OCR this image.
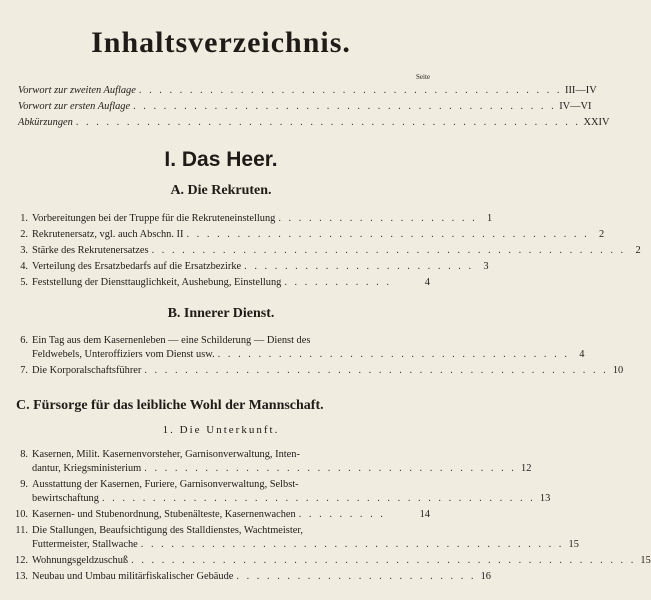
Inhaltsverzeichnis.
Seite
Vorwort zur zweiten Auflage . . . . . . . . . . . . . . . . . . . . . . . . . . . . . . . . . . . . . . . . . . III—IV
Vorwort zur ersten Auflage . . . . . . . . . . . . . . . . . . . . . . . . . . . . . . . . . . . . . . . . . . IV—VI
Abkürzungen . . . . . . . . . . . . . . . . . . . . . . . . . . . . . . . . . . . . . . . . . . . . . . . . . . XXIV
I. Das Heer.
A. Die Rekruten.
1. Vorbereitungen bei der Truppe für die Rekruteneinstellung . . . . . . . . . . . . . . . . . . . . 1
2. Rekrutenersatz, vgl. auch Abschn. II . . . . . . . . . . . . . . . . . . . . . . . . . . . . . . . . . . . . . . . . 2
3. Stärke des Rekrutenersatzes . . . . . . . . . . . . . . . . . . . . . . . . . . . . . . . . . . . . . . . . . . . . . . . 2
4. Verteilung des Ersatzbedarfs auf die Ersatzbezirke . . . . . . . . . . . . . . . . . . . . . . . 3
5. Feststellung der Diensttauglichkeit, Aushebung, Einstellung . . . . . . . . . . .	4
B. Innerer Dienst.
6. Ein Tag aus dem Kasernenleben — eine Schilderung — Dienst des
Feldwebels, Unteroffiziers vom Dienst usw. . . . . . . . . . . . . . . . . . . . . . . . . . . . . . . . . . . . 4
7. Die Korporalschaftsführer . . . . . . . . . . . . . . . . . . . . . . . . . . . . . . . . . . . . . . . . . . . . . . 10
C. Fürsorge für das leibliche Wohl der Mannschaft.
1. Die Unterkunft.
8. Kasernen, Milit. Kasernenvorsteher, Garnisonverwaltung, Inten-
dantur, Kriegsministerium . . . . . . . . . . . . . . . . . . . . . . . . . . . . . . . . . . . . . 12
9. Ausstattung der Kasernen, Furiere, Garnisonverwaltung, Selbst-
bewirtschaftung . . . . . . . . . . . . . . . . . . . . . . . . . . . . . . . . . . . . . . . . . . . 13
10. Kasernen- und Stubenordnung, Stubenälteste, Kasernenwachen . . . . . . . . .	14
11. Die Stallungen, Beaufsichtigung des Stalldienstes, Wachtmeister,
Futtermeister, Stallwache . . . . . . . . . . . . . . . . . . . . . . . . . . . . . . . . . . . . . . . . . . 15
12. Wohnungsgeldzuschuß . . . . . . . . . . . . . . . . . . . . . . . . . . . . . . . . . . . . . . . . . . . . . . . . . . 15
13. Neubau und Umbau militärfiskalischer Gebäude . . . . . . . . . . . . . . . . . . . . . . . . 16
